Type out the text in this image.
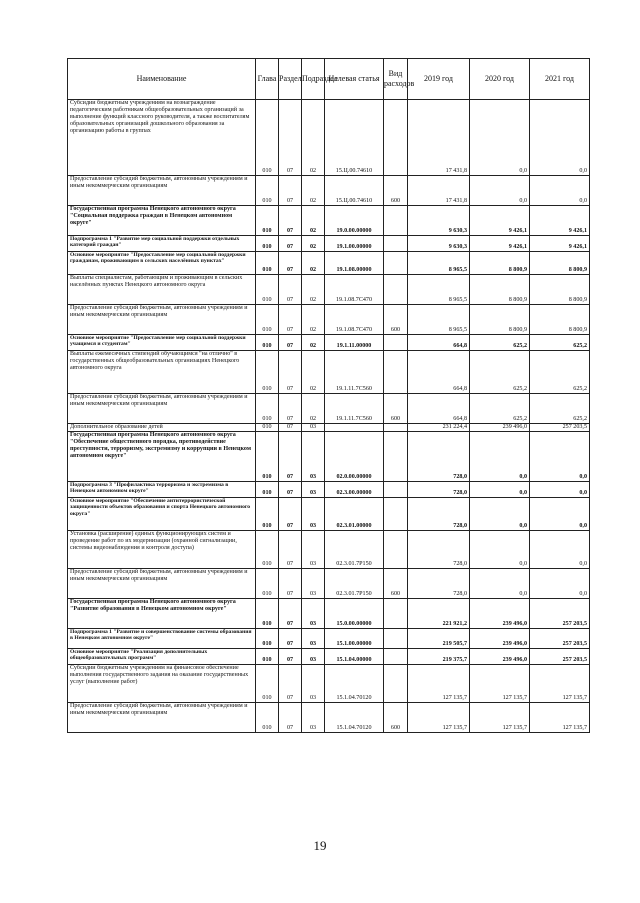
Наименование	Глава	Раздел	Подраздел	Целевая статья	Вид расходов	2019 год	2020 год	2021 год
Субсидии бюджетным учреждениям на вознаграждение педагогическим работникам общеобразовательных организаций за выполнение функций классного руководителя, а также воспитателям образовательных организаций дошкольного образования за организацию работы в группах	010	07	02	15.Ц.00.74610		17 431,8	0,0	0,0
Предоставление субсидий бюджетным, автономным учреждениям и иным некоммерческим организациям	010	07	02	15.Ц.00.74610	600	17 431,8	0,0	0,0
Государственная программа Ненецкого автономного округа "Социальная поддержка граждан в Ненецком автономном округе"	010	07	02	19.0.00.00000		9 630,3	9 426,1	9 426,1
Подпрограмма 1 "Развитие мер социальной поддержки отдельных категорий граждан"	010	07	02	19.1.00.00000		9 630,3	9 426,1	9 426,1
Основное мероприятие "Предоставление мер социальной поддержки гражданам, проживающим в сельских населённых пунктах"	010	07	02	19.1.08.00000		8 965,5	8 800,9	8 800,9
Выплаты специалистам, работающим и проживающим в сельских населённых пунктах Ненецкого автономного округа	010	07	02	19.1.08.7С470		8 965,5	8 800,9	8 800,9
Предоставление субсидий бюджетным, автономным учреждениям и иным некоммерческим организациям	010	07	02	19.1.08.7С470	600	8 965,5	8 800,9	8 800,9
Основное мероприятие "Предоставление мер социальной поддержки учащимся и студентам"	010	07	02	19.1.11.00000		664,8	625,2	625,2
Выплаты ежемесячных стипендий обучающимся "на отлично" в государственных общеобразовательных организациях Ненецкого автономного округа	010	07	02	19.1.11.7С560		664,8	625,2	625,2
Предоставление субсидий бюджетным, автономным учреждениям и иным некоммерческим организациям	010	07	02	19.1.11.7С560	600	664,8	625,2	625,2
Дополнительное образование детей	010	07	03			231 224,4	239 496,0	257 203,5
Государственная программа Ненецкого автономного округа "Обеспечение общественного порядка, противодействие преступности, терроризму, экстремизму и коррупции в Ненецком автономном округе"	010	07	03	02.0.00.00000		728,0	0,0	0,0
Подпрограмма 3 "Профилактика терроризма и экстремизма в Ненецком автономном округе"	010	07	03	02.3.00.00000		728,0	0,0	0,0
Основное мероприятие "Обеспечение антитеррористической защищенности объектов образования и спорта Ненецкого автономного округа"	010	07	03	02.3.01.00000		728,0	0,0	0,0
Установка (расширение) единых функционирующих систем и проведение работ по их модернизации (охранной сигнализации, системы видеонаблюдения и контроля доступа)	010	07	03	02.3.01.7Р150		728,0	0,0	0,0
Предоставление субсидий бюджетным, автономным учреждениям и иным некоммерческим организациям	010	07	03	02.3.01.7Р150	600	728,0	0,0	0,0
Государственная программа Ненецкого автономного округа "Развитие образования в Ненецком автономном округе"	010	07	03	15.0.00.00000		221 921,2	239 496,0	257 203,5
Подпрограмма 1 "Развитие и совершенствование системы образования в Ненецком автономном округе"	010	07	03	15.1.00.00000		219 505,7	239 496,0	257 203,5
Основное мероприятие "Реализация дополнительных общеобразовательных программ"	010	07	03	15.1.04.00000		219 375,7	239 496,0	257 203,5
Субсидии бюджетным учреждениям на финансовое обеспечение выполнения государственного задания на оказание государственных услуг (выполнение работ)	010	07	03	15.1.04.70120		127 135,7	127 135,7	127 135,7
Предоставление субсидий бюджетным, автономным учреждениям и иным некоммерческим организациям	010	07	03	15.1.04.70120	600	127 135,7	127 135,7	127 135,7
19
